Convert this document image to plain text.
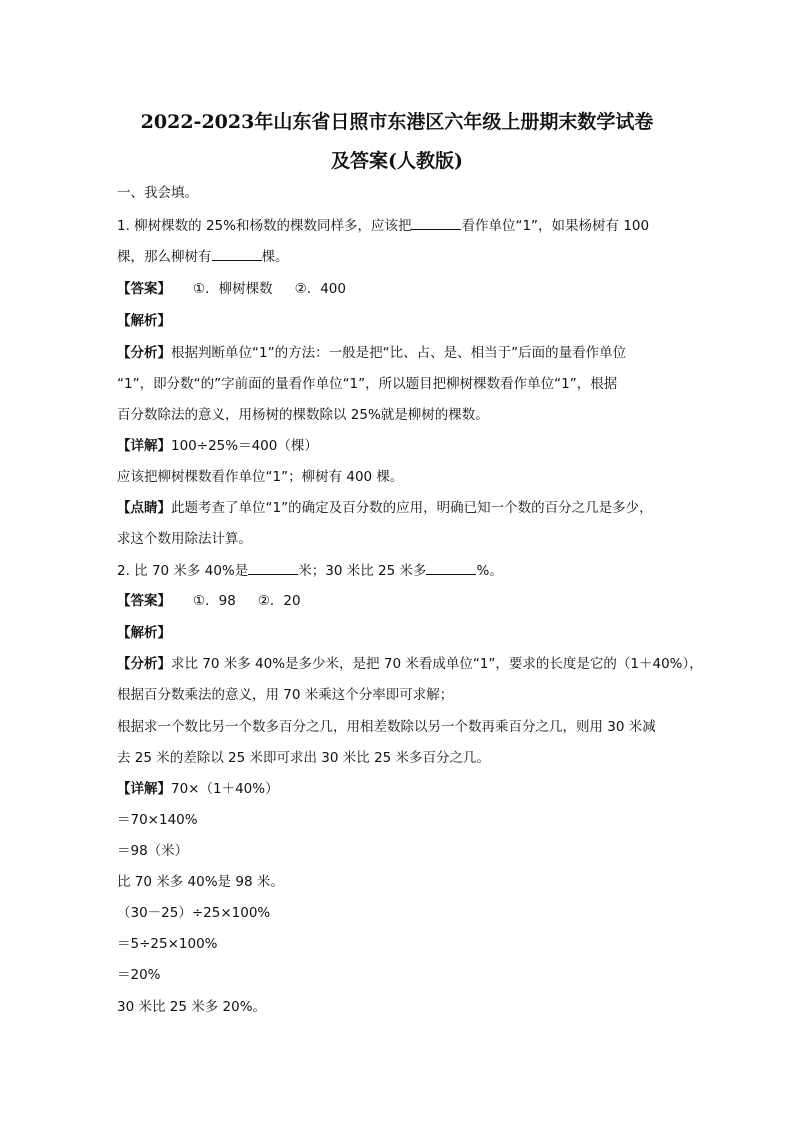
2022-2023年山东省日照市东港区六年级上册期末数学试卷
及答案(人教版)
一、我会填。
1. 柳树棵数的 25%和杨数的棵数同样多，应该把	看作单位“1”，如果杨树有 100
棵，那么柳树有	棵。
【答案】 ①．柳树棵数 ②．400
【解析】
【分析】根据判断单位“1”的方法：一般是把“比、占、是、相当于”后面的量看作单位
“1”，即分数“的”字前面的量看作单位“1”，所以题目把柳树棵数看作单位“1”，根据
百分数除法的意义，用杨树的棵数除以 25%就是柳树的棵数。
【详解】100÷25%＝400（棵）
应该把柳树棵数看作单位“1”；柳树有 400 棵。
【点睛】此题考查了单位“1”的确定及百分数的应用，明确已知一个数的百分之几是多少，
求这个数用除法计算。
2. 比 70 米多 40%是	米；30 米比 25 米多	%。
【答案】 ①．98 ②．20
【解析】
【分析】求比 70 米多 40%是多少米，是把 70 米看成单位“1”，要求的长度是它的（1＋40%），
根据百分数乘法的意义，用 70 米乘这个分率即可求解；
根据求一个数比另一个数多百分之几，用相差数除以另一个数再乘百分之几，则用 30 米减
去 25 米的差除以 25 米即可求出 30 米比 25 米多百分之几。
【详解】70×（1＋40%）
＝70×140%
＝98（米）
比 70 米多 40%是 98 米。
（30－25）÷25×100%
＝5÷25×100%
＝20%
30 米比 25 米多 20%。
